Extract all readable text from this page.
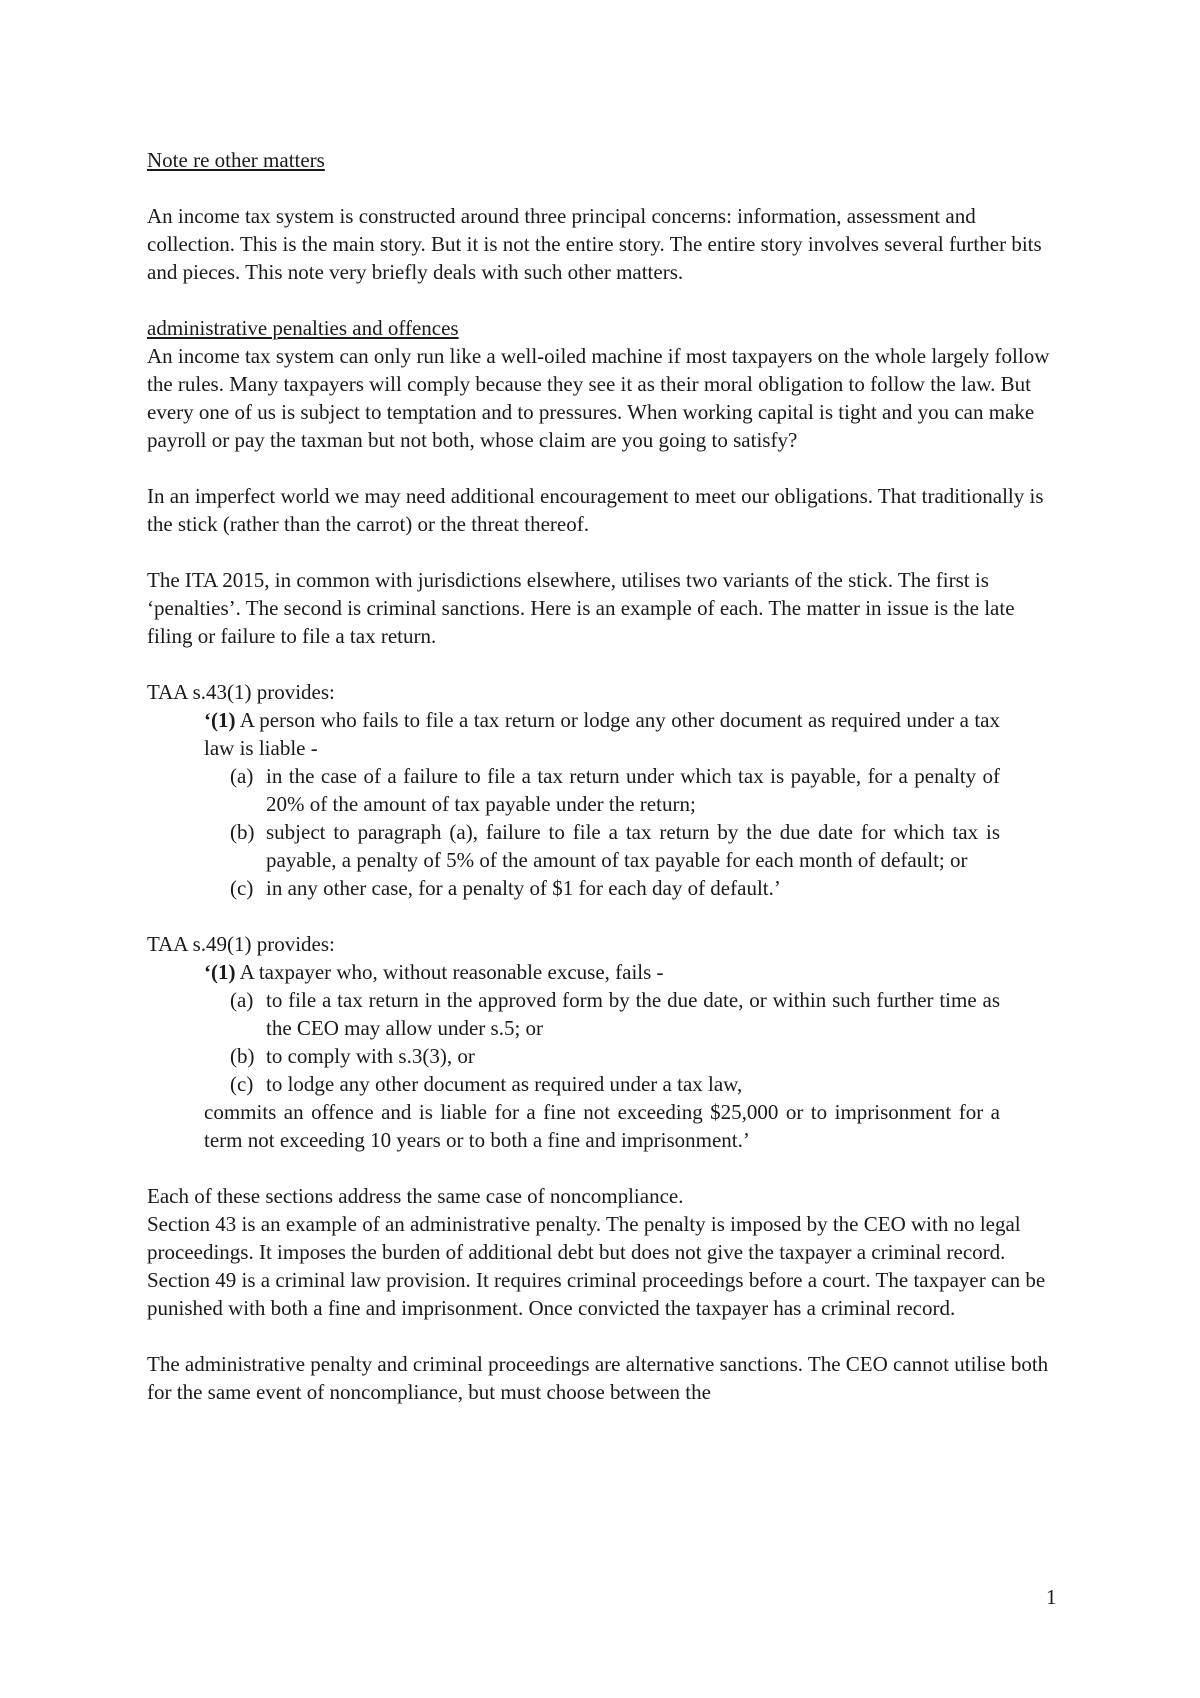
Note re other matters

An income tax system is constructed around three principal concerns: information, assessment and collection. This is the main story. But it is not the entire story. The entire story involves several further bits and pieces. This note very briefly deals with such other matters.

administrative penalties and offences

An income tax system can only run like a well-oiled machine if most taxpayers on the whole largely follow the rules. Many taxpayers will comply because they see it as their moral obligation to follow the law. But every one of us is subject to temptation and to pressures. When working capital is tight and you can make payroll or pay the taxman but not both, whose claim are you going to satisfy?

In an imperfect world we may need additional encouragement to meet our obligations. That traditionally is the stick (rather than the carrot) or the threat thereof.

The ITA 2015, in common with jurisdictions elsewhere, utilises two variants of the stick. The first is ‘penalties’. The second is criminal sanctions. Here is an example of each. The matter in issue is the late filing or failure to file a tax return.

TAA s.43(1) provides:

‘(1) A person who fails to file a tax return or lodge any other document as required under a tax law is liable -

(a) in the case of a failure to file a tax return under which tax is payable, for a penalty of 20% of the amount of tax payable under the return;
(b) subject to paragraph (a), failure to file a tax return by the due date for which tax is payable, a penalty of 5% of the amount of tax payable for each month of default; or
(c) in any other case, for a penalty of $1 for each day of default.’

TAA s.49(1) provides:

‘(1) A taxpayer who, without reasonable excuse, fails -

(a) to file a tax return in the approved form by the due date, or within such further time as the CEO may allow under s.5; or
(b) to comply with s.3(3), or
(c) to lodge any other document as required under a tax law,

commits an offence and is liable for a fine not exceeding $25,000 or to imprisonment for a term not exceeding 10 years or to both a fine and imprisonment.’

Each of these sections address the same case of noncompliance.

Section 43 is an example of an administrative penalty. The penalty is imposed by the CEO with no legal proceedings. It imposes the burden of additional debt but does not give the taxpayer a criminal record.

Section 49 is a criminal law provision. It requires criminal proceedings before a court. The taxpayer can be punished with both a fine and imprisonment. Once convicted the taxpayer has a criminal record.

The administrative penalty and criminal proceedings are alternative sanctions. The CEO cannot utilise both for the same event of noncompliance, but must choose between the

1
